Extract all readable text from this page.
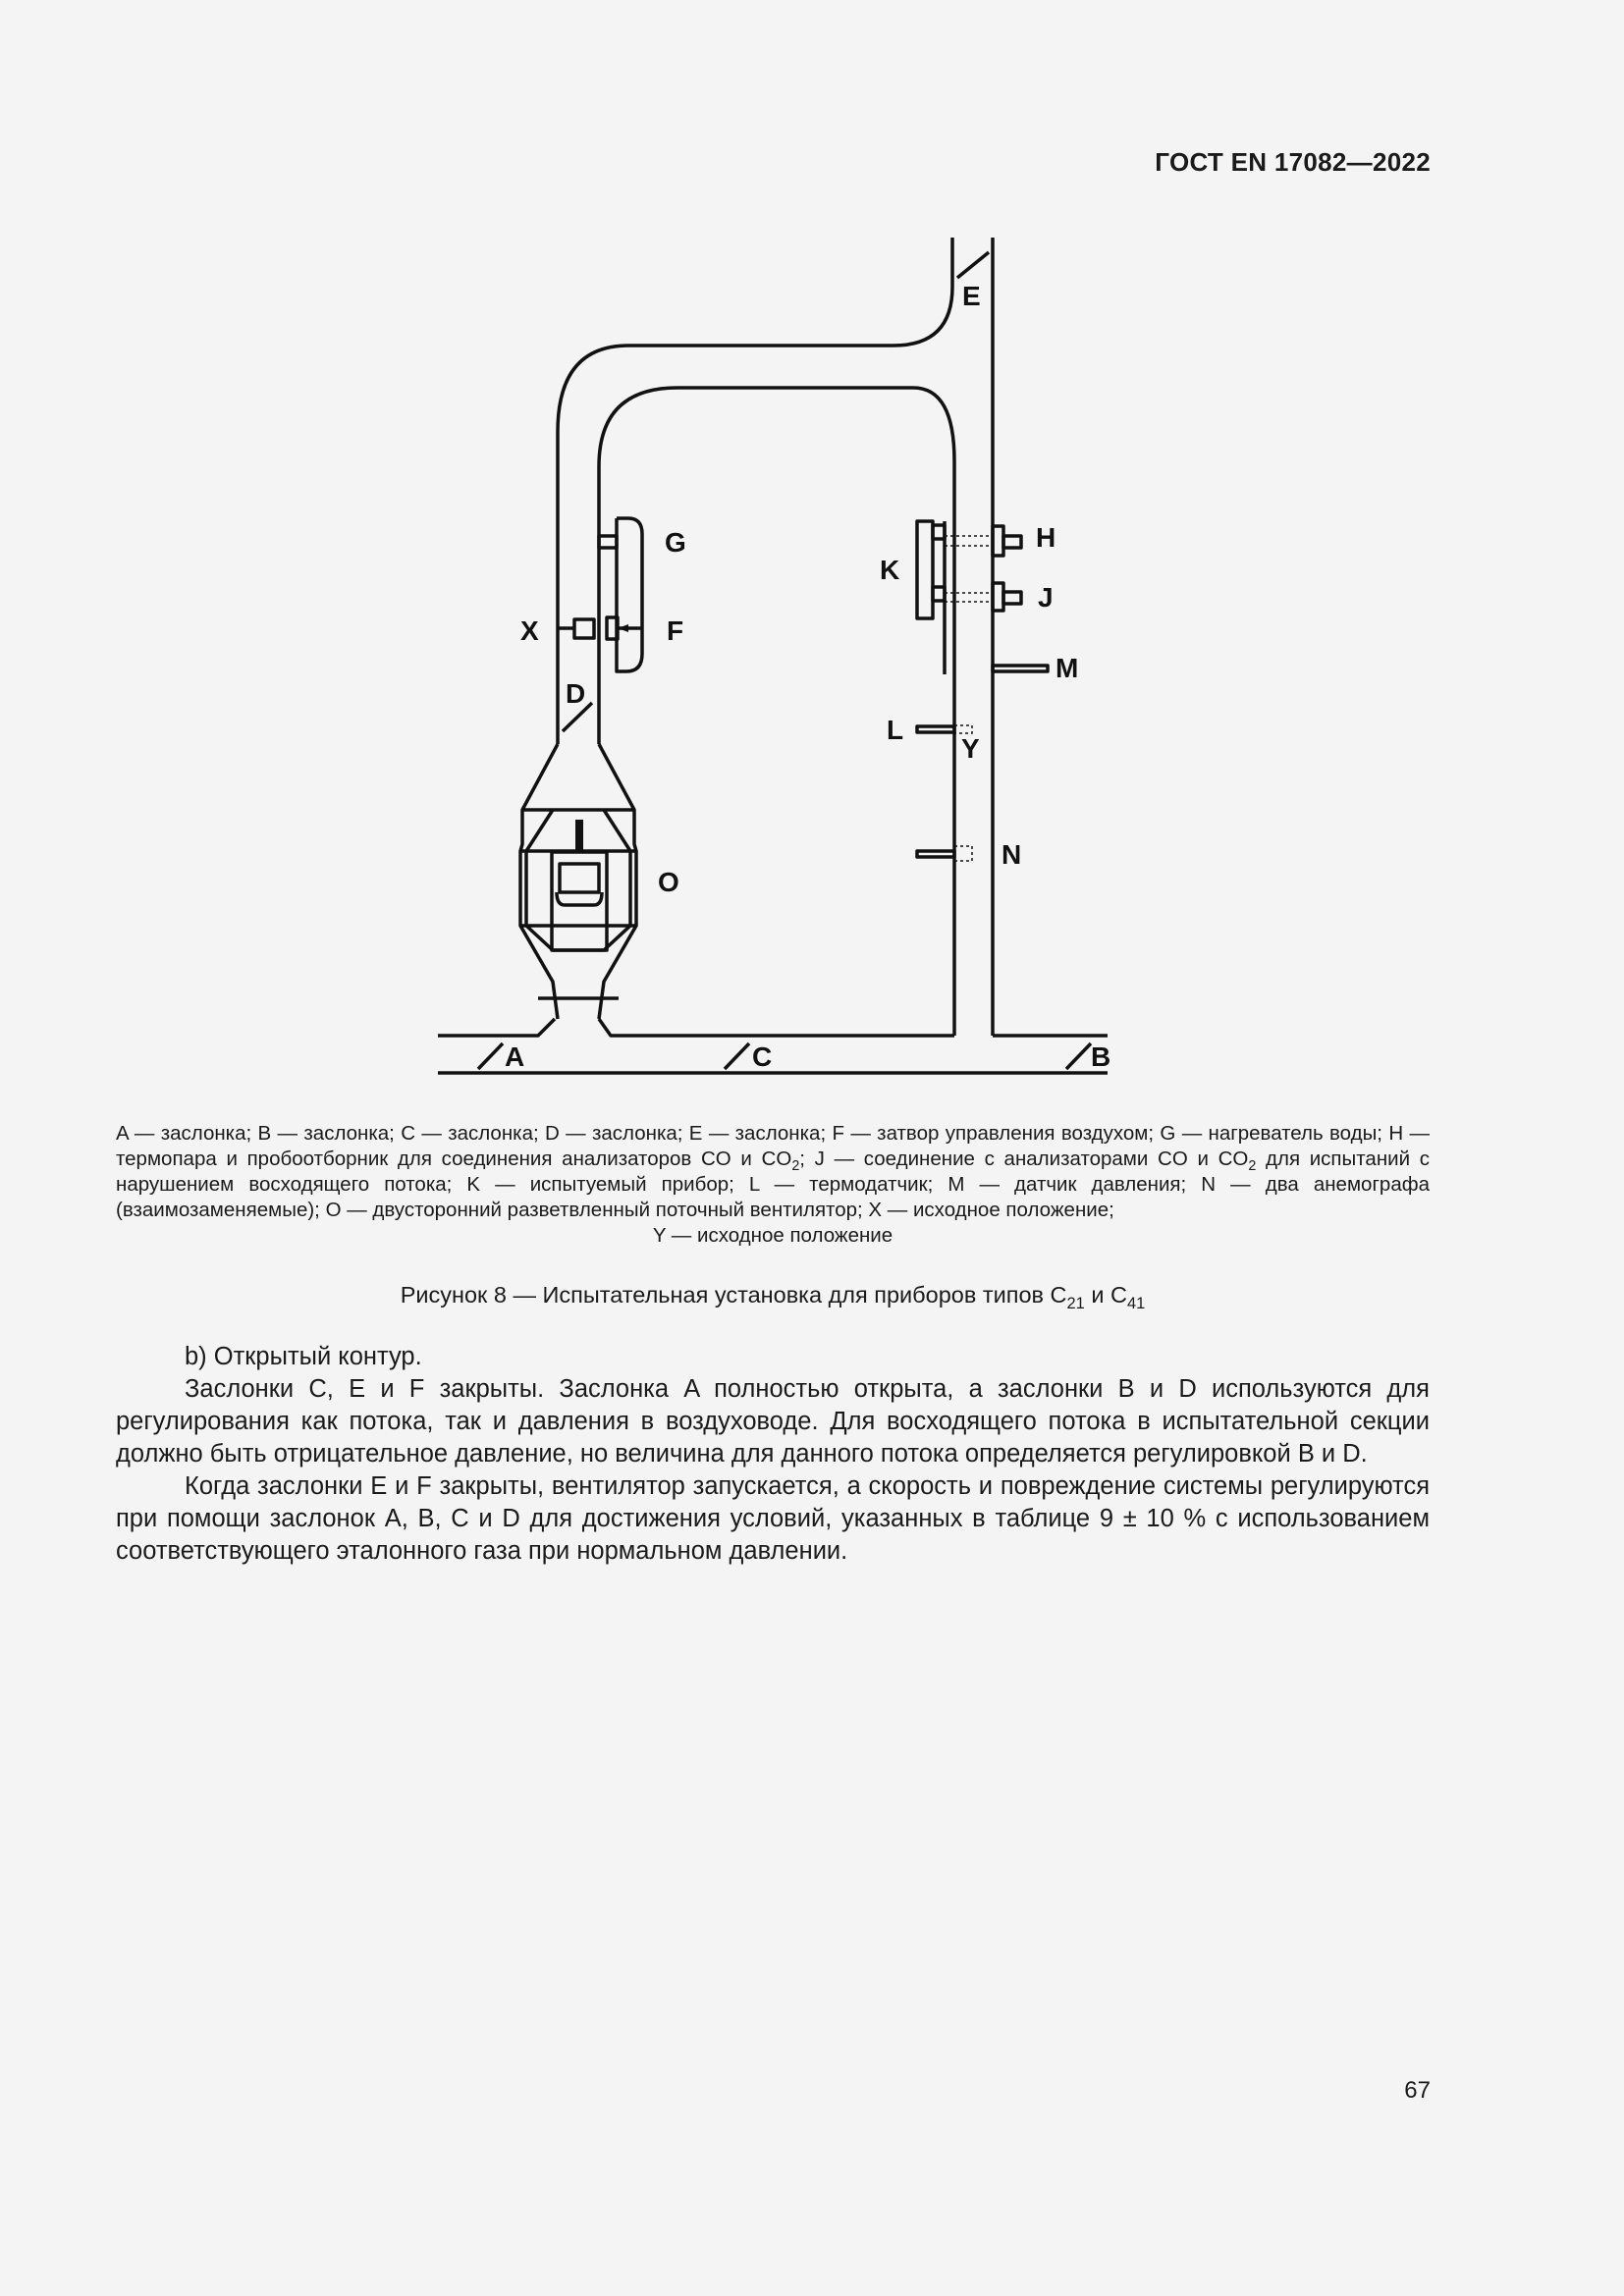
ГОСТ EN 17082—2022
E
G	H
K
J
X	F
M
D
L
Y
N
O
A	C	B
A — заслонка; B — заслонка; C — заслонка; D — заслонка; E — заслонка; F — затвор управления воздухом; G — нагреватель воды; H — термопара и пробоотборник для соединения анализаторов CO и $CO_2$; J — соединение с анализаторами CO и $CO_2$ для испытаний с нарушением восходящего потока; K — испытуемый прибор; L — термодатчик; M — датчик давления; N — два анемографа (взаимозаменяемые); O — двусторонний разветвленный поточный вентилятор; X — исходное положение;
Y — исходное положение
Рисунок 8 — Испытательная установка для приборов типов $C_{21}$ и $C_{41}$

b) Открытый контур.

Заслонки C, E и F закрыты. Заслонка A полностью открыта, а заслонки B и D используются для регулирования как потока, так и давления в воздуховоде. Для восходящего потока в испытательной секции должно быть отрицательное давление, но величина для данного потока определяется регулировкой B и D.

Когда заслонки E и F закрыты, вентилятор запускается, а скорость и повреждение системы регулируются при помощи заслонок A, B, C и D для достижения условий, указанных в таблице 9 ± 10 % с использованием соответствующего эталонного газа при нормальном давлении.

67
